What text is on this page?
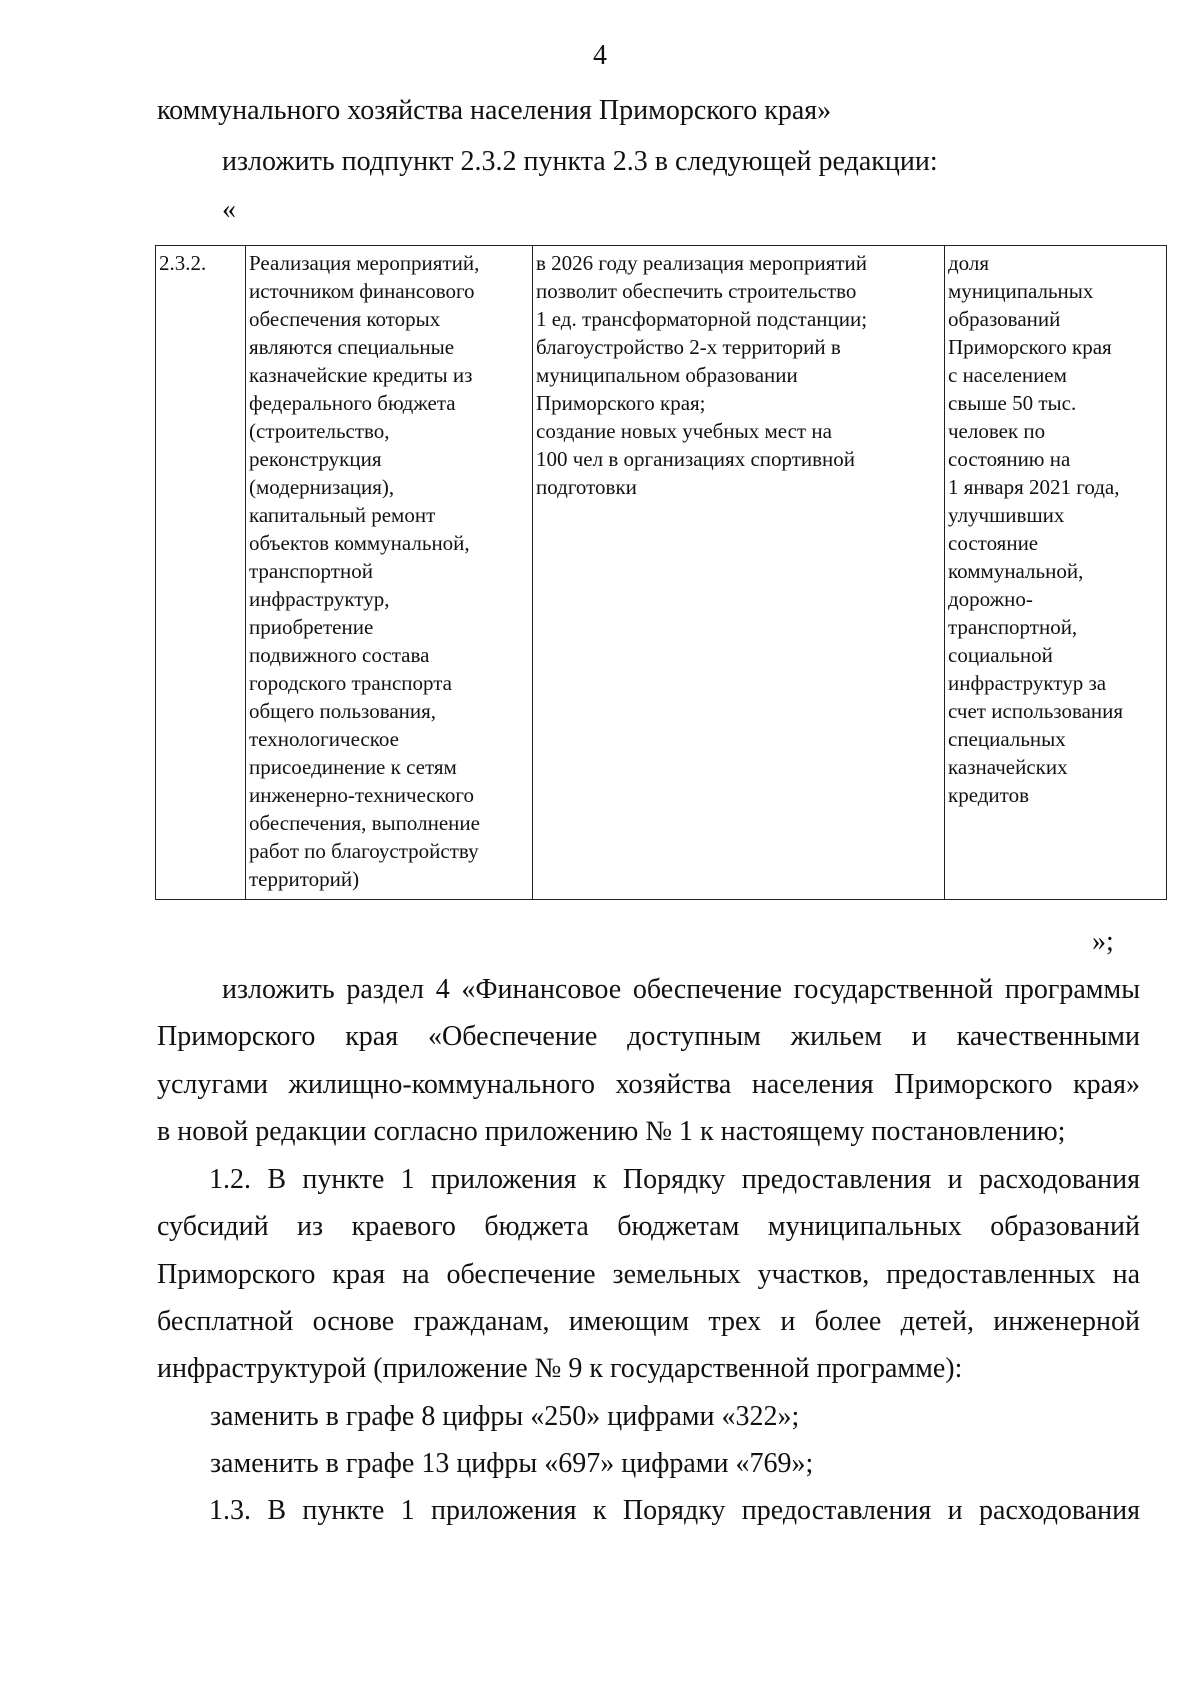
4
коммунального хозяйства населения Приморского края»
изложить подпункт 2.3.2 пункта 2.3 в следующей редакции:
«
2.3.2.	Реализация мероприятий,
источником финансового
обеспечения которых
являются специальные
казначейские кредиты из
федерального бюджета
(строительство,
реконструкция
(модернизация),
капитальный ремонт
объектов коммунальной,
транспортной
инфраструктур,
приобретение
подвижного состава
городского транспорта
общего пользования,
технологическое
присоединение к сетям
инженерно-технического
обеспечения, выполнение
работ по благоустройству
территорий)	в 2026 году реализация мероприятий
позволит обеспечить строительство
1 ед. трансформаторной подстанции;
благоустройство 2-х территорий в
муниципальном образовании
Приморского края;
создание новых учебных мест на
100 чел в организациях спортивной
подготовки	доля
муниципальных
образований
Приморского края
с населением
свыше 50 тыс.
человек по
состоянию на
1 января 2021 года,
улучшивших
состояние
коммунальной,
дорожно-
транспортной,
социальной
инфраструктур за
счет использования
специальных
казначейских
кредитов
»;
изложить раздел 4 «Финансовое обеспечение государственной программы
Приморского края «Обеспечение доступным жильем и качественными
услугами жилищно-коммунального хозяйства населения Приморского края»
в новой редакции согласно приложению № 1 к настоящему постановлению;
1.2. В пункте 1 приложения к Порядку предоставления и расходования
субсидий из краевого бюджета бюджетам муниципальных образований
Приморского края на обеспечение земельных участков, предоставленных на
бесплатной основе гражданам, имеющим трех и более детей, инженерной
инфраструктурой (приложение № 9 к государственной программе):
заменить в графе 8 цифры «250» цифрами «322»;
заменить в графе 13 цифры «697» цифрами «769»;
1.3. В пункте 1 приложения к Порядку предоставления и расходования
